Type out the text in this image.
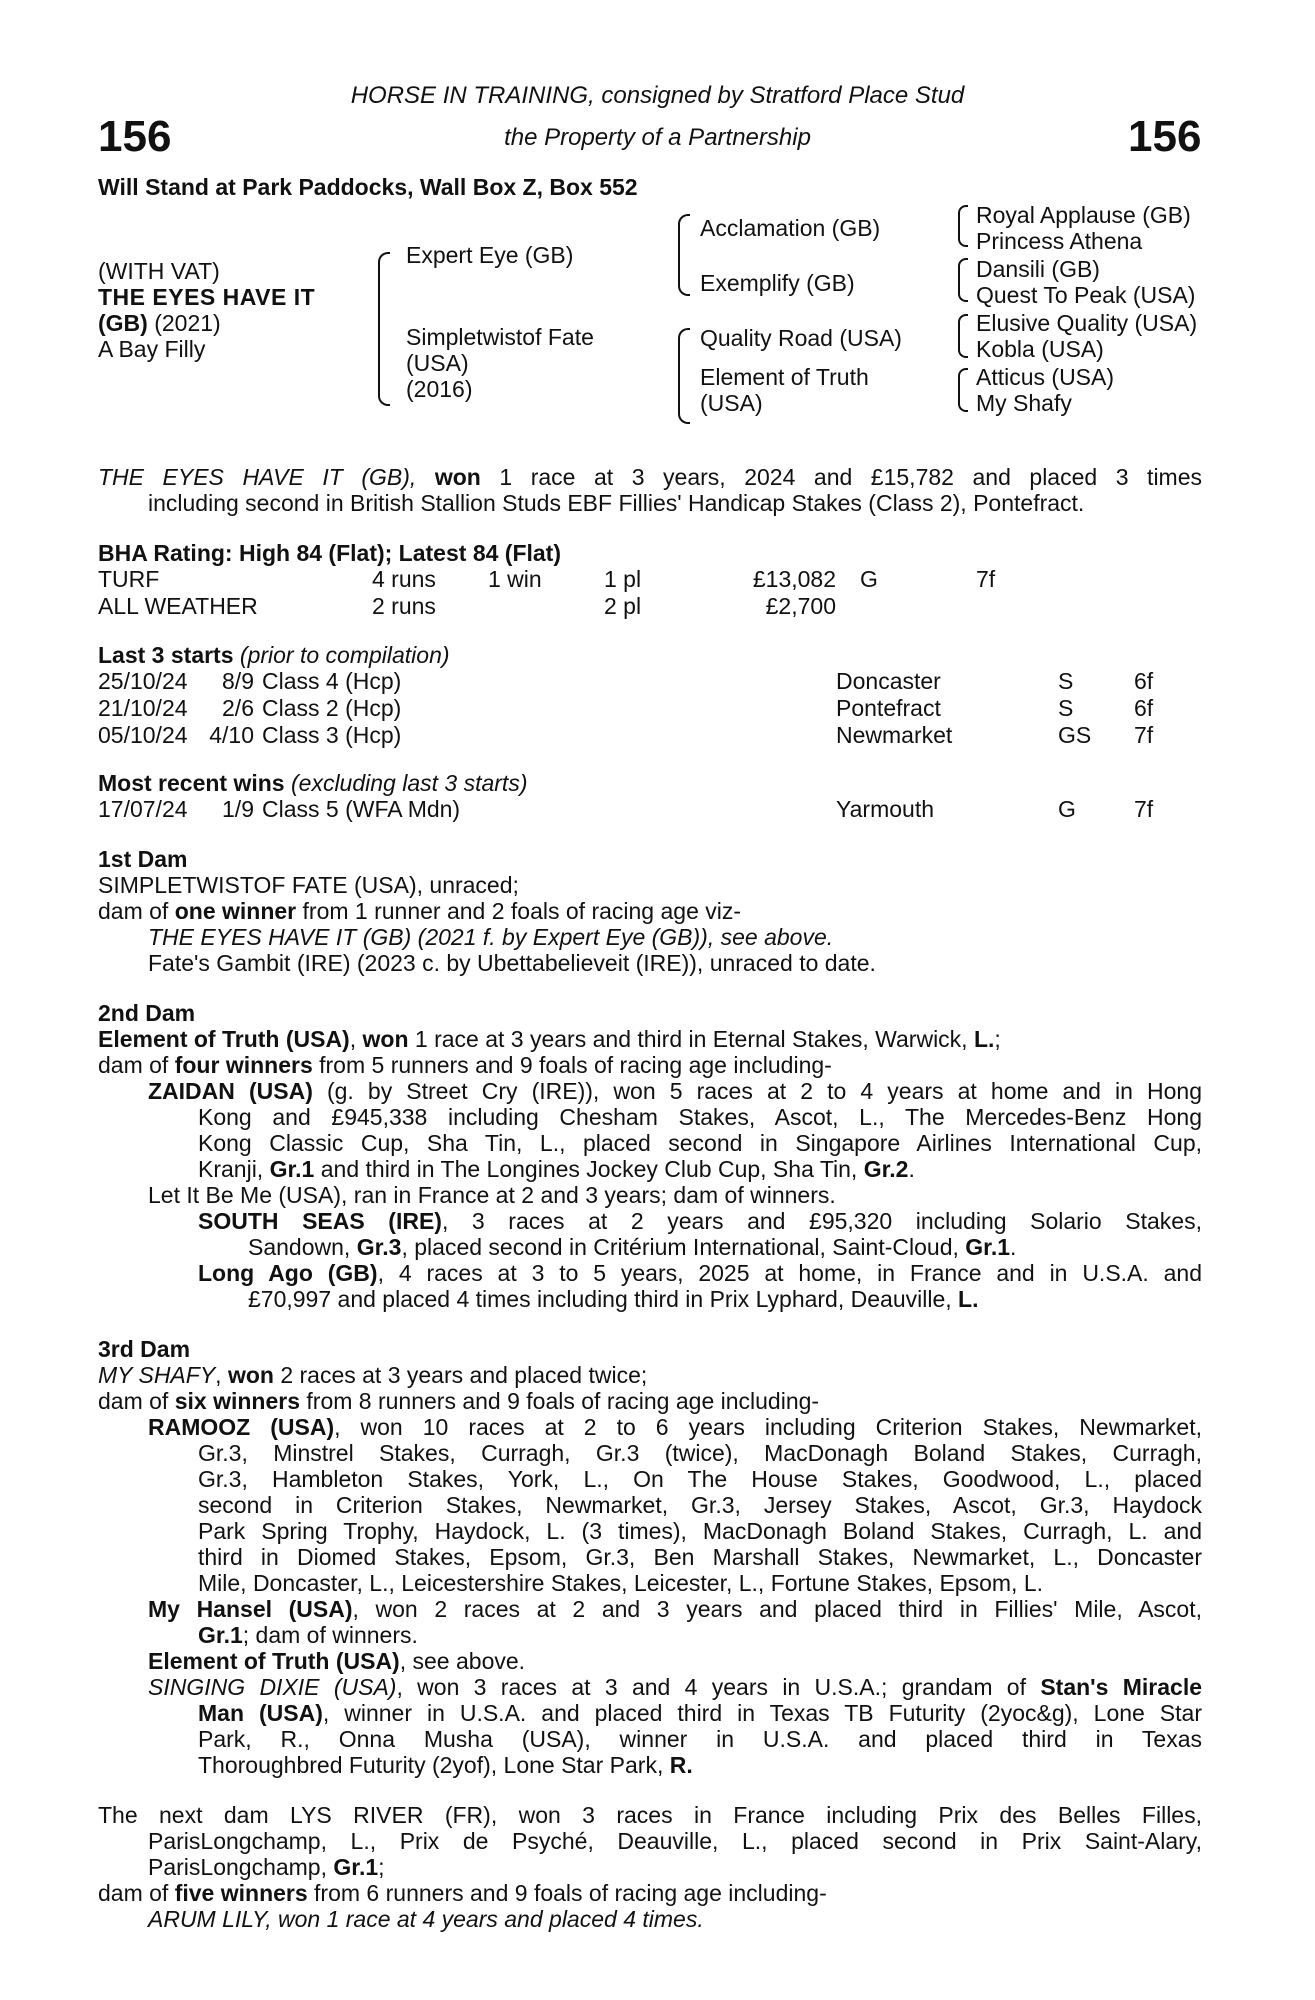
156	156
HORSE IN TRAINING, consigned by Stratford Place Stud
the Property of a Partnership
Will Stand at Park Paddocks, Wall Box Z, Box 552
(WITH VAT)
THE EYES HAVE IT
(GB) (2021)
A Bay Filly
Expert Eye (GB)
Simpletwistof Fate
(USA)
(2016)
Acclamation (GB)
Exemplify (GB)
Quality Road (USA)
Element of Truth
(USA)
Royal Applause (GB)
Princess Athena
Dansili (GB)
Quest To Peak (USA)
Elusive Quality (USA)
Kobla (USA)
Atticus (USA)
My Shafy
THE EYES HAVE IT (GB), won 1 race at 3 years, 2024 and £15,782 and placed 3 times
including second in British Stallion Studs EBF Fillies' Handicap Stakes (Class 2), Pontefract.
BHA Rating: High 84 (Flat); Latest 84 (Flat)
TURF	4 runs	1 win	1 pl	£13,082	G	7f
ALL WEATHER	2 runs		2 pl	£2,700		
Last 3 starts (prior to compilation)
25/10/24	8/9	Class 4 (Hcp)	Doncaster	S	6f
21/10/24	2/6	Class 2 (Hcp)	Pontefract	S	6f
05/10/24	4/10	Class 3 (Hcp)	Newmarket	GS	7f
Most recent wins (excluding last 3 starts)
17/07/24	1/9	Class 5 (WFA Mdn)	Yarmouth	G	7f
1st Dam
SIMPLETWISTOF FATE (USA), unraced;
dam of one winner from 1 runner and 2 foals of racing age viz-
THE EYES HAVE IT (GB) (2021 f. by Expert Eye (GB)), see above.
Fate's Gambit (IRE) (2023 c. by Ubettabelieveit (IRE)), unraced to date.
2nd Dam
Element of Truth (USA), won 1 race at 3 years and third in Eternal Stakes, Warwick, L.;
dam of four winners from 5 runners and 9 foals of racing age including-
ZAIDAN (USA) (g. by Street Cry (IRE)), won 5 races at 2 to 4 years at home and in Hong
Kong and £945,338 including Chesham Stakes, Ascot, L., The Mercedes-Benz Hong
Kong Classic Cup, Sha Tin, L., placed second in Singapore Airlines International Cup,
Kranji, Gr.1 and third in The Longines Jockey Club Cup, Sha Tin, Gr.2.
Let It Be Me (USA), ran in France at 2 and 3 years; dam of winners.
SOUTH SEAS (IRE), 3 races at 2 years and £95,320 including Solario Stakes,
Sandown, Gr.3, placed second in Critérium International, Saint-Cloud, Gr.1.
Long Ago (GB), 4 races at 3 to 5 years, 2025 at home, in France and in U.S.A. and
£70,997 and placed 4 times including third in Prix Lyphard, Deauville, L.
3rd Dam
MY SHAFY, won 2 races at 3 years and placed twice;
dam of six winners from 8 runners and 9 foals of racing age including-
RAMOOZ (USA), won 10 races at 2 to 6 years including Criterion Stakes, Newmarket,
Gr.3, Minstrel Stakes, Curragh, Gr.3 (twice), MacDonagh Boland Stakes, Curragh,
Gr.3, Hambleton Stakes, York, L., On The House Stakes, Goodwood, L., placed
second in Criterion Stakes, Newmarket, Gr.3, Jersey Stakes, Ascot, Gr.3, Haydock
Park Spring Trophy, Haydock, L. (3 times), MacDonagh Boland Stakes, Curragh, L. and
third in Diomed Stakes, Epsom, Gr.3, Ben Marshall Stakes, Newmarket, L., Doncaster
Mile, Doncaster, L., Leicestershire Stakes, Leicester, L., Fortune Stakes, Epsom, L.
My Hansel (USA), won 2 races at 2 and 3 years and placed third in Fillies' Mile, Ascot,
Gr.1; dam of winners.
Element of Truth (USA), see above.
SINGING DIXIE (USA), won 3 races at 3 and 4 years in U.S.A.; grandam of Stan's Miracle
Man (USA), winner in U.S.A. and placed third in Texas TB Futurity (2yoc&g), Lone Star
Park, R., Onna Musha (USA), winner in U.S.A. and placed third in Texas
Thoroughbred Futurity (2yof), Lone Star Park, R.
The next dam LYS RIVER (FR), won 3 races in France including Prix des Belles Filles,
ParisLongchamp, L., Prix de Psyché, Deauville, L., placed second in Prix Saint-Alary,
ParisLongchamp, Gr.1;
dam of five winners from 6 runners and 9 foals of racing age including-
ARUM LILY, won 1 race at 4 years and placed 4 times.
